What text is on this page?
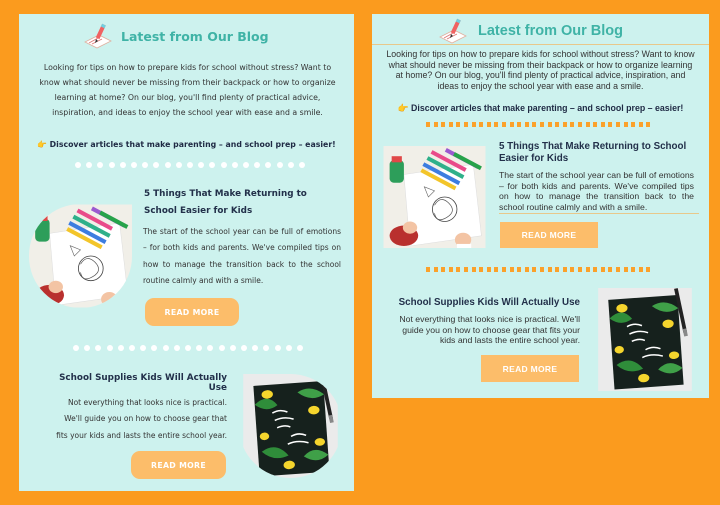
Latest from Our Blog

Looking for tips on how to prepare kids for school without stress? Want to know what should never be missing from their backpack or how to organize learning at home? On our blog, you'll find plenty of practical advice, inspiration, and ideas to enjoy the school year with ease and a smile.

👉 Discover articles that make parenting – and school prep – easier!

5 Things That Make Returning to School Easier for Kids

The start of the school year can be full of emotions – for both kids and parents. We've compiled tips on how to manage the transition back to the school routine calmly and with a smile.

READ MORE

School Supplies Kids Will Actually Use

Not everything that looks nice is practical. We'll guide you on how to choose gear that fits your kids and lasts the entire school year.

READ MORE
Latest from Our Blog

Looking for tips on how to prepare kids for school without stress? Want to know what should never be missing from their backpack or how to organize learning at home? On our blog, you'll find plenty of practical advice, inspiration, and ideas to enjoy the school year with ease and a smile.

👉 Discover articles that make parenting – and school prep – easier!

5 Things That Make Returning to School Easier for Kids

The start of the school year can be full of emotions – for both kids and parents. We've compiled tips on how to manage the transition back to the school routine calmly and with a smile.

READ MORE

School Supplies Kids Will Actually Use

Not everything that looks nice is practical. We'll guide you on how to choose gear that fits your kids and lasts the entire school year.

READ MORE
